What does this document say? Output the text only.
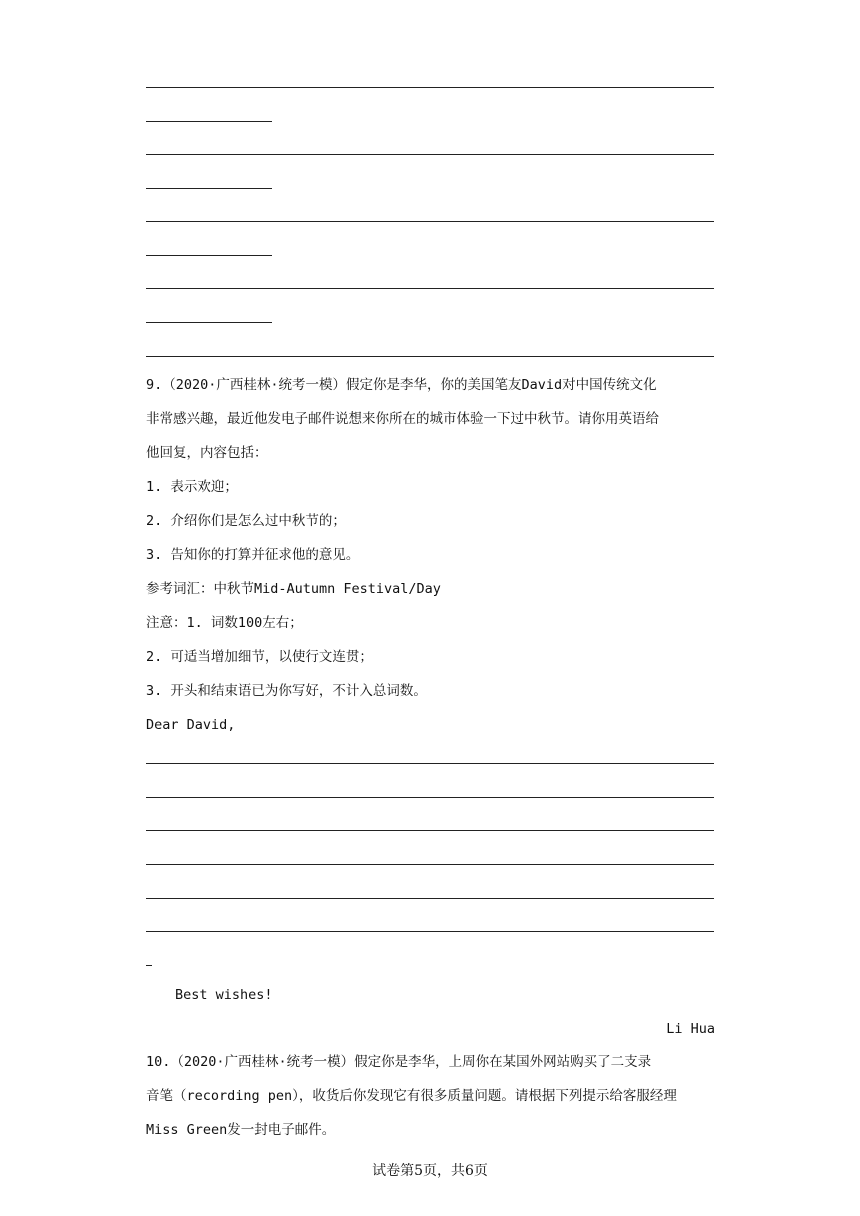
9.（2020·广西桂林·统考一模）假定你是李华，你的美国笔友David对中国传统文化
非常感兴趣，最近他发电子邮件说想来你所在的城市体验一下过中秋节。请你用英语给
他回复，内容包括：
1. 表示欢迎；
2. 介绍你们是怎么过中秋节的；
3. 告知你的打算并征求他的意见。
参考词汇：中秋节Mid-Autumn Festival/Day
注意：1. 词数100左右；
2. 可适当增加细节，以使行文连贯；
3. 开头和结束语已为你写好，不计入总词数。
Dear David,
Best wishes!
Li Hua
10.（2020·广西桂林·统考一模）假定你是李华，上周你在某国外网站购买了二支录
音笔（recording pen），收货后你发现它有很多质量问题。请根据下列提示给客服经理
Miss Green发一封电子邮件。
试卷第5页，共6页
